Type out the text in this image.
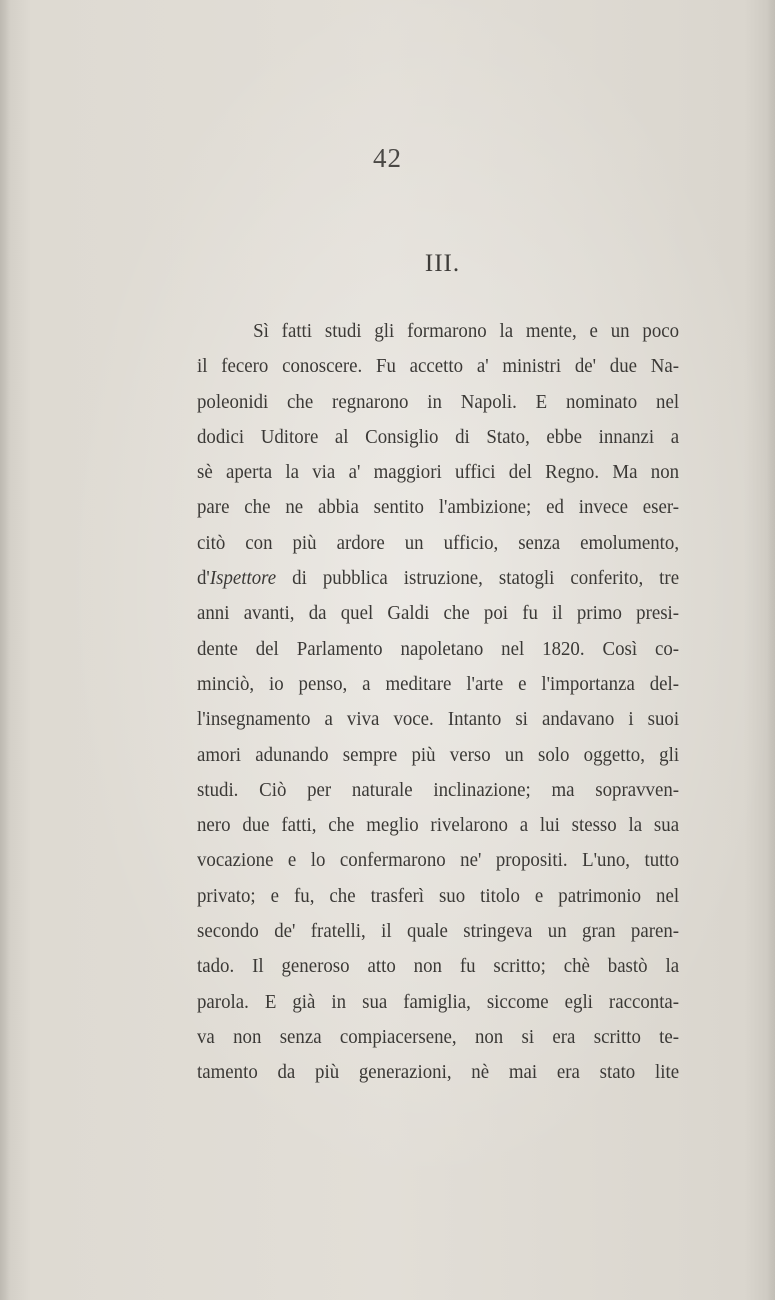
42
III.
Sì fatti studi gli formarono la mente, e un poco
il fecero conoscere. Fu accetto a' ministri de' due Na-
poleonidi che regnarono in Napoli. E nominato nel
dodici Uditore al Consiglio di Stato, ebbe innanzi a
sè aperta la via a' maggiori uffici del Regno. Ma non
pare che ne abbia sentito l'ambizione; ed invece eser-
citò con più ardore un ufficio, senza emolumento,
d'Ispettore di pubblica istruzione, statogli conferito, tre
anni avanti, da quel Galdi che poi fu il primo presi-
dente del Parlamento napoletano nel 1820. Così co-
minciò, io penso, a meditare l'arte e l'importanza del-
l'insegnamento a viva voce. Intanto si andavano i suoi
amori adunando sempre più verso un solo oggetto, gli
studi. Ciò per naturale inclinazione; ma sopravven-
nero due fatti, che meglio rivelarono a lui stesso la sua
vocazione e lo confermarono ne' propositi. L'uno, tutto
privato; e fu, che trasferì suo titolo e patrimonio nel
secondo de' fratelli, il quale stringeva un gran paren-
tado. Il generoso atto non fu scritto; chè bastò la
parola. E già in sua famiglia, siccome egli racconta-
va non senza compiacersene, non si era scritto te-
tamento da più generazioni, nè mai era stato lite
